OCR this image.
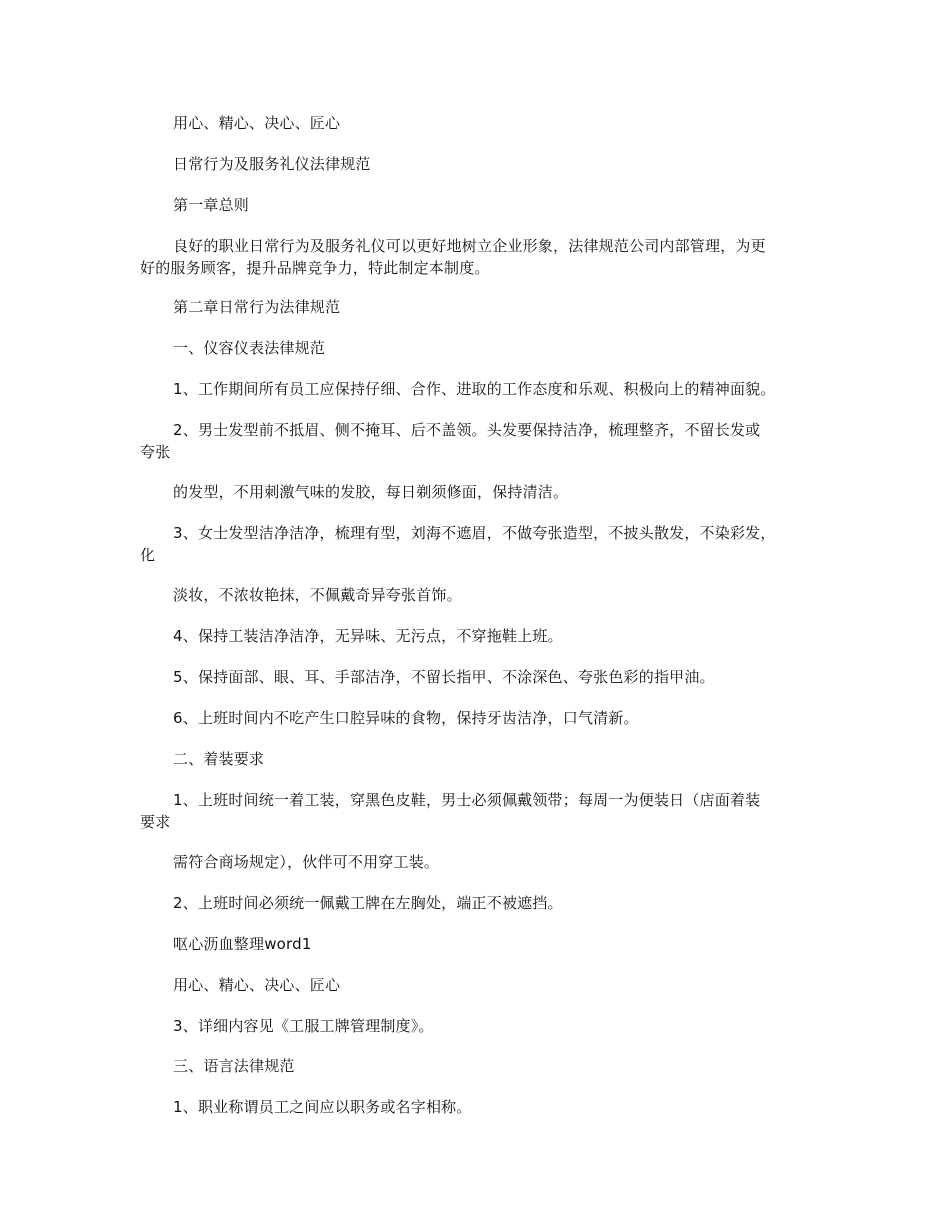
用心、精心、决心、匠心
日常行为及服务礼仪法律规范
第一章总则
良好的职业日常行为及服务礼仪可以更好地树立企业形象，法律规范公司内部管理，为更
好的服务顾客，提升品牌竞争力，特此制定本制度。
第二章日常行为法律规范
一、仪容仪表法律规范
1、工作期间所有员工应保持仔细、合作、进取的工作态度和乐观、积极向上的精神面貌。
2、男士发型前不抵眉、侧不掩耳、后不盖领。头发要保持洁净，梳理整齐，不留长发或
夸张
的发型，不用刺激气味的发胶，每日剃须修面，保持清洁。
3、女士发型洁净洁净，梳理有型，刘海不遮眉，不做夸张造型，不披头散发，不染彩发，
化
淡妆，不浓妆艳抹，不佩戴奇异夸张首饰。
4、保持工装洁净洁净，无异味、无污点，不穿拖鞋上班。
5、保持面部、眼、耳、手部洁净，不留长指甲、不涂深色、夸张色彩的指甲油。
6、上班时间内不吃产生口腔异味的食物，保持牙齿洁净，口气清新。
二、着装要求
1、上班时间统一着工装，穿黑色皮鞋，男士必须佩戴领带；每周一为便装日（店面着装
要求
需符合商场规定），伙伴可不用穿工装。
2、上班时间必须统一佩戴工牌在左胸处，端正不被遮挡。
呕心沥血整理word1
用心、精心、决心、匠心
3、详细内容见《工服工牌管理制度》。
三、语言法律规范
1、职业称谓员工之间应以职务或名字相称。
